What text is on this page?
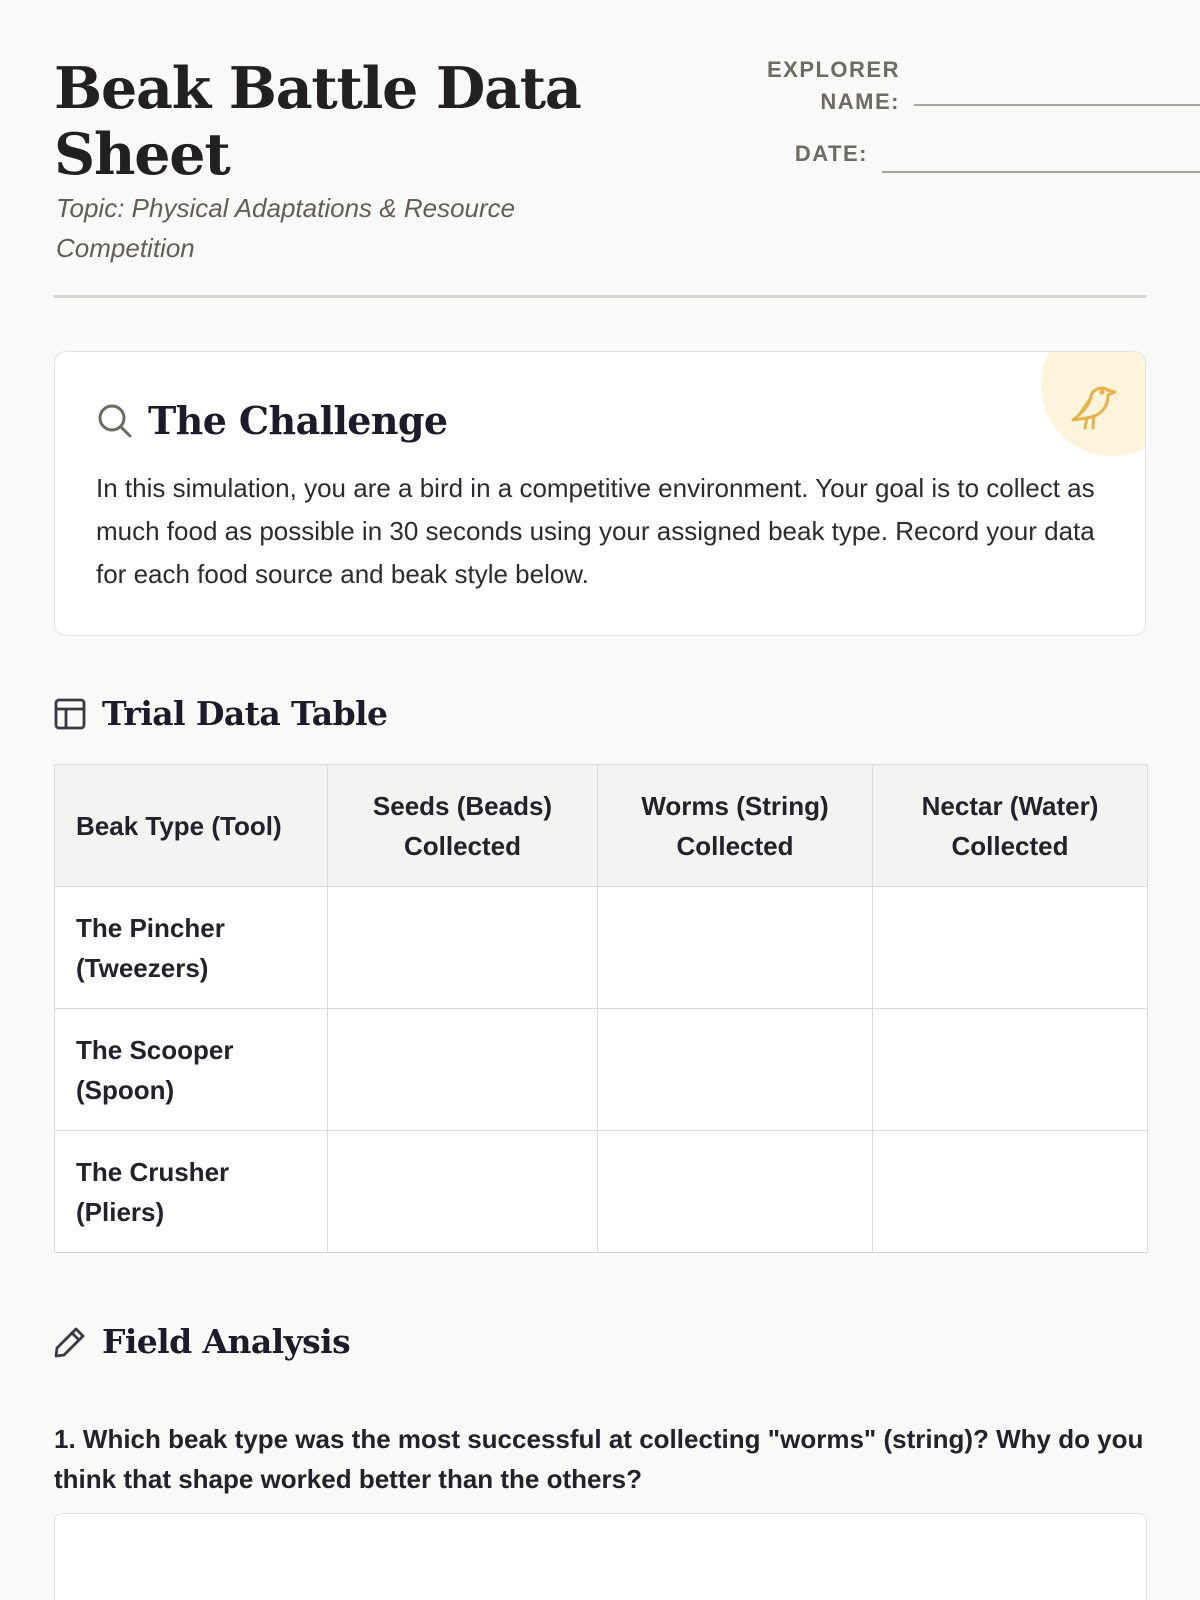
Beak Battle Data Sheet
Topic: Physical Adaptations & Resource Competition
EXPLORER NAME:
DATE:
The Challenge

In this simulation, you are a bird in a competitive environment. Your goal is to collect as much food as possible in 30 seconds using your assigned beak type. Record your data for each food source and beak style below.

Trial Data Table
Beak Type (Tool)	Seeds (Beads) Collected	Worms (String) Collected	Nectar (Water) Collected
The Pincher (Tweezers)			
The Scooper (Spoon)			
The Crusher (Pliers)			
Field Analysis

1. Which beak type was the most successful at collecting "worms" (string)? Why do you think that shape worked better than the others?
